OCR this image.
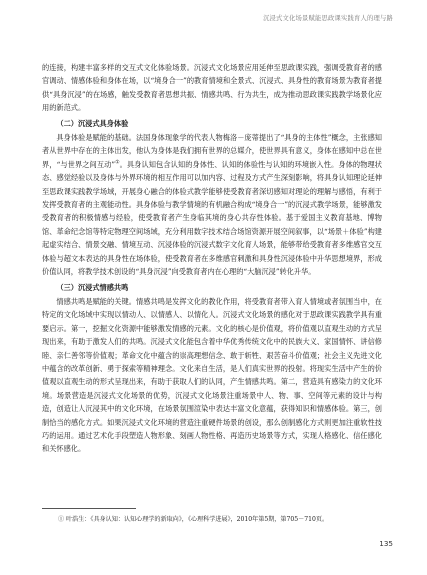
沉浸式文化场景赋能思政课实践育人的理与路

的连接，构建丰富多样的交互式文化体验场景。沉浸式文化场景应用延伸至思政课实践，强调受教育者的感官调动、情感体验和身体在场，以“境身合一”的教育情境和全景式、沉浸式、具身性的教育场景为教育者提供“具身沉浸”的在场感，触发受教育者思想共振、情感共鸣、行为共生，成为推动思政课实践教学场景化应用的新范式。

（二）沉浸式具身体验

具身体验是赋能的基础。法国身体现象学的代表人物梅洛－庞蒂提出了“具身的主体性”概念，主张感知者从世界中存在的主体出发，他认为身体是我们拥有世界的总媒介，使世界具有意义，身体在感知中总在世界，“与世界之间互动”①。具身认知包含认知的身体性、认知的体验性与认知的环境嵌入性。身体的物理状态、感觉经验以及身体与外界环境的相互作用可以加内容、过程及方式产生深刻影响，将具身认知理论延伸至思政课实践教学场域，开展身心融合的体验式教学能够使受教育者深切感知对理论的理解与感悟，有利于发挥受教育者的主观能动性。具身体验与教学情境的有机融合构成“境身合一”的沉浸式教学场景，能够激发受教育者的积极情感与经验，使受教育者产生身临其境的身心共存性体验。基于爱国主义教育基地、博物馆、革命纪念馆等特定物理空间场域，充分利用数字技术结合场馆资源开展空间叙事，以“场景＋体验”构建起虚实结合、情景交融、情境互动、沉浸体验的沉浸式数字文化育人场景，能够带给受教育者多维感官交互体验与超文本表达的具身性在场体验，使受教育者在多维感官刺激和具身性沉浸体验中升华思想境界，形成价值认同，将教学技术创设的“具身沉浸”向受教育者内在心理的“大脑沉浸”转化升华。

（三）沉浸式情感共鸣

情感共鸣是赋能的关键。情感共鸣是发挥文化的教化作用，将受教育者带入育人情境或者氛围当中，在特定的文化场域中实现以情动人、以情感人、以情化人。沉浸式文化场景的感化对于思政课实践教学具有重要启示。第一，挖掘文化资源中能够激发情感的元素。文化的核心是价值观，将价值观以直观生动的方式呈现出来，有助于激发人们的共鸣。沉浸式文化能包含着中华优秀传统文化中的民族大义、家国情怀、讲信修睦、亲仁善邻等价值观；革命文化中蕴含的崇高理想信念、敢于斩牲、艰苦奋斗价值观；社会主义先进文化中蕴含的改革创新、勇于探索等精神理念。文化来自生活，是人们真实世界的投射。将现实生活中产生的价值观以直观生动的形式呈现出来，有助于获取人们的认同，产生情感共鸣。第二，营造具有感染力的文化环境。场景营造是沉浸式文化场景的优势，沉浸式文化场景注重场景中人、物、事、空间等元素的设计与构造，创造让人沉浸其中的文化环境，在场景氛围渲染中表达丰富文化意蕴，获得知识和情感体验。第三，创制恰当的感化方式。如果沉浸式文化环境的营造注重硬件场景的创设，那么创制感化方式则更加注重软性技巧的运用。通过艺术化手段塑造人物形象、刻画人物性格、再造历史场景等方式，实现人格感化、信任感化和关怀感化。

① 叶浩生：《具身认知：认知心理学的新取向》，《心理科学进展》，2010年第5期，第705－710页。
135
